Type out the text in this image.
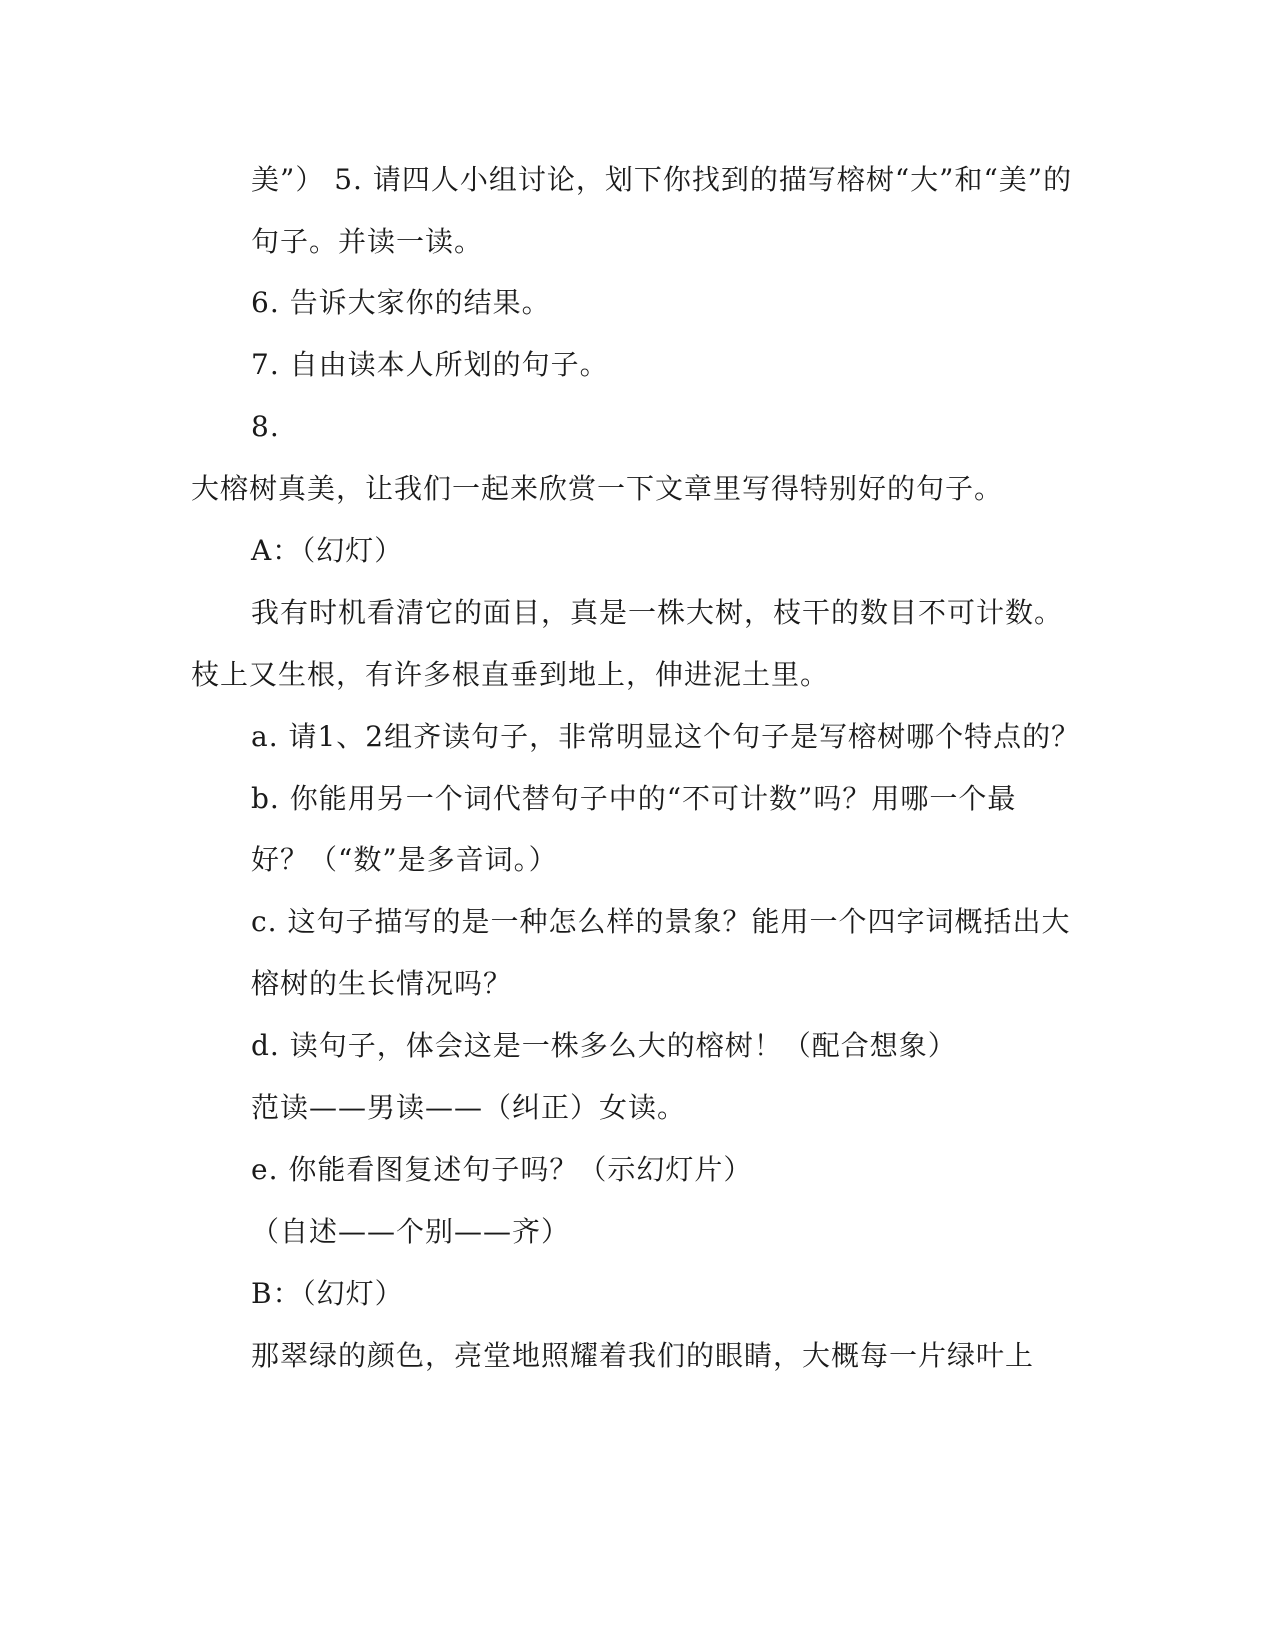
美”） 5. 请四人小组讨论，划下你找到的描写榕树“大”和“美”的
句子。并读一读。
6. 告诉大家你的结果。
7. 自由读本人所划的句子。
8.
大榕树真美，让我们一起来欣赏一下文章里写得特别好的句子。
A：（幻灯）
我有时机看清它的面目，真是一株大树，枝干的数目不可计数。
枝上又生根，有许多根直垂到地上，伸进泥土里。
a. 请1、2组齐读句子，非常明显这个句子是写榕树哪个特点的？
b. 你能用另一个词代替句子中的“不可计数”吗？用哪一个最
好？（“数”是多音词。）
c. 这句子描写的是一种怎么样的景象？能用一个四字词概括出大
榕树的生长情况吗？
d. 读句子，体会这是一株多么大的榕树！（配合想象）
范读——男读——（纠正）女读。
e. 你能看图复述句子吗？（示幻灯片）
（自述——个别——齐）
B：（幻灯）
那翠绿的颜色，亮堂地照耀着我们的眼睛，大概每一片绿叶上
